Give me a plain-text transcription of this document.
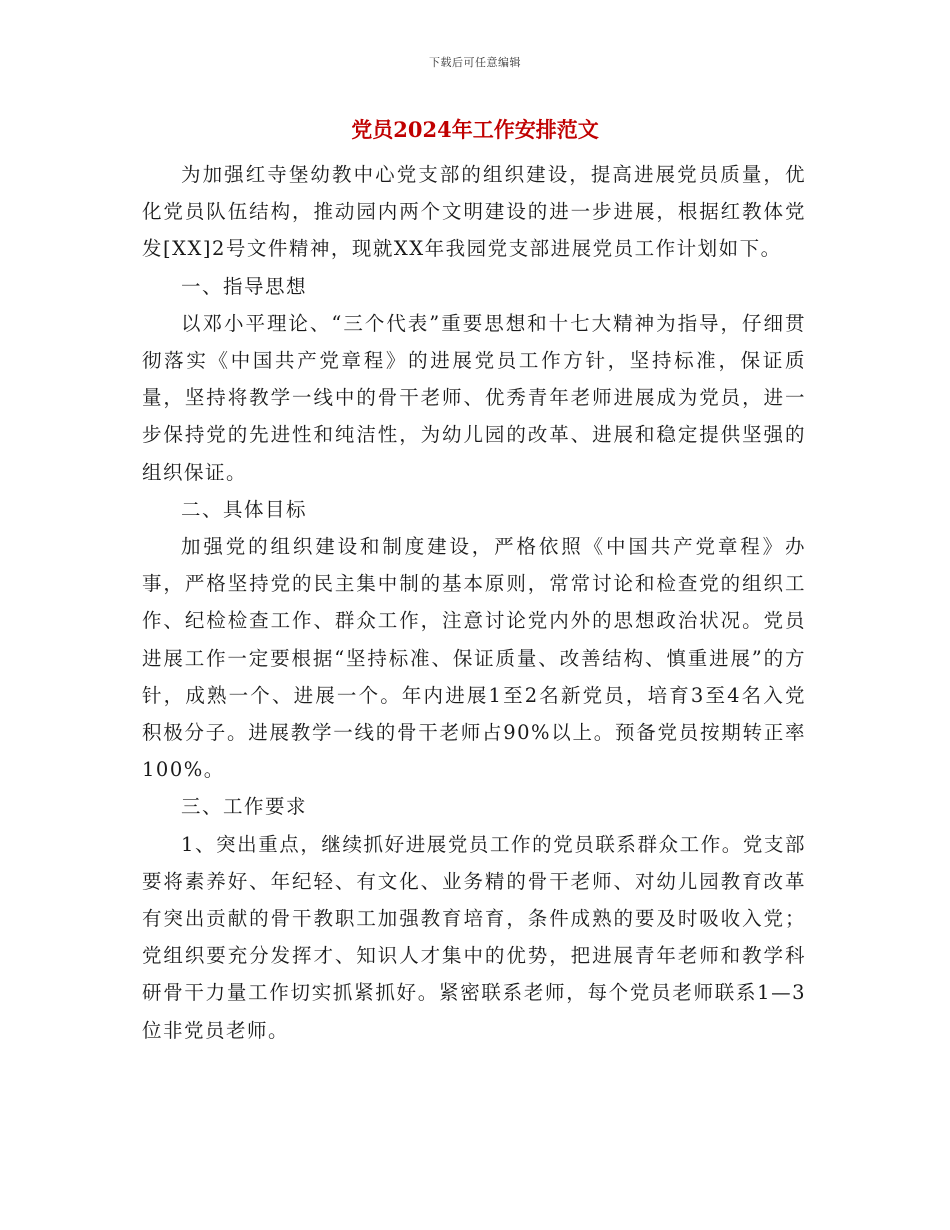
下载后可任意编辑
党员2024年工作安排范文

为加强红寺堡幼教中心党支部的组织建设，提高进展党员质量，优化党员队伍结构，推动园内两个文明建设的进一步进展，根据红教体党发[XX]2号文件精神，现就XX年我园党支部进展党员工作计划如下。

一、指导思想

以邓小平理论、“三个代表”重要思想和十七大精神为指导，仔细贯彻落实《中国共产党章程》的进展党员工作方针，坚持标准，保证质量，坚持将教学一线中的骨干老师、优秀青年老师进展成为党员，进一步保持党的先进性和纯洁性，为幼儿园的改革、进展和稳定提供坚强的组织保证。

二、具体目标

加强党的组织建设和制度建设，严格依照《中国共产党章程》办事，严格坚持党的民主集中制的基本原则，常常讨论和检查党的组织工作、纪检检查工作、群众工作，注意讨论党内外的思想政治状况。党员进展工作一定要根据“坚持标准、保证质量、改善结构、慎重进展”的方针，成熟一个、进展一个。年内进展1至2名新党员，培育3至4名入党积极分子。进展教学一线的骨干老师占90%以上。预备党员按期转正率100%。

三、工作要求

1、突出重点，继续抓好进展党员工作的党员联系群众工作。党支部要将素养好、年纪轻、有文化、业务精的骨干老师、对幼儿园教育改革有突出贡献的骨干教职工加强教育培育，条件成熟的要及时吸收入党；党组织要充分发挥才、知识人才集中的优势，把进展青年老师和教学科研骨干力量工作切实抓紧抓好。紧密联系老师，每个党员老师联系1—3位非党员老师。
